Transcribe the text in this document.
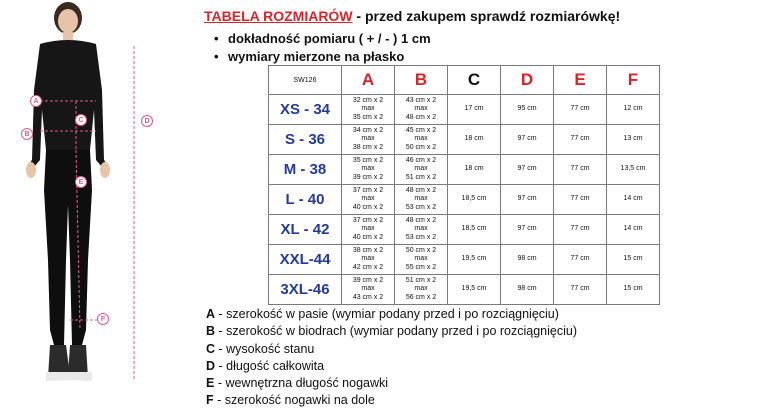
A
B
C	D
E
F
TABELA ROZMIARÓW - przed zakupem sprawdź rozmiarówkę!
• dokładność pomiaru ( + / - ) 1 cm
• wymiary mierzone na płasko
SW126	A	B	C	D	E	F
XS - 34	32 cm x 2
max
35 cm x 2	43 cm x 2
max
48 cm x 2	17 cm	95 cm	77 cm	12 cm
S - 36	34 cm x 2
max
38 cm x 2	45 cm x 2
max
50 cm x 2	18 cm	97 cm	77 cm	13 cm
M - 38	35 cm x 2
max
39 cm x 2	46 cm x 2
max
51 cm x 2	18 cm	97 cm	77 cm	13,5 cm
L - 40	37 cm x 2
max
40 cm x 2	48 cm x 2
max
53 cm x 2	18,5 cm	97 cm	77 cm	14 cm
XL - 42	37 cm x 2
max
40 cm x 2	48 cm x 2
max
53 cm x 2	18,5 cm	97 cm	77 cm	14 cm
XXL-44	38 cm x 2
max
42 cm x 2	50 cm x 2
max
55 cm x 2	19,5 cm	98 cm	77 cm	15 cm
3XL-46	39 cm x 2
max
43 cm x 2	51 cm x 2
max
56 cm x 2	19,5 cm	98 cm	77 cm	15 cm
A - szerokość w pasie (wymiar podany przed i po rozciągnięciu)
B - szerokość w biodrach (wymiar podany przed i po rozciągnięciu)
C - wysokość stanu
D - długość całkowita
E - wewnętrzna długość nogawki
F - szerokość nogawki na dole
